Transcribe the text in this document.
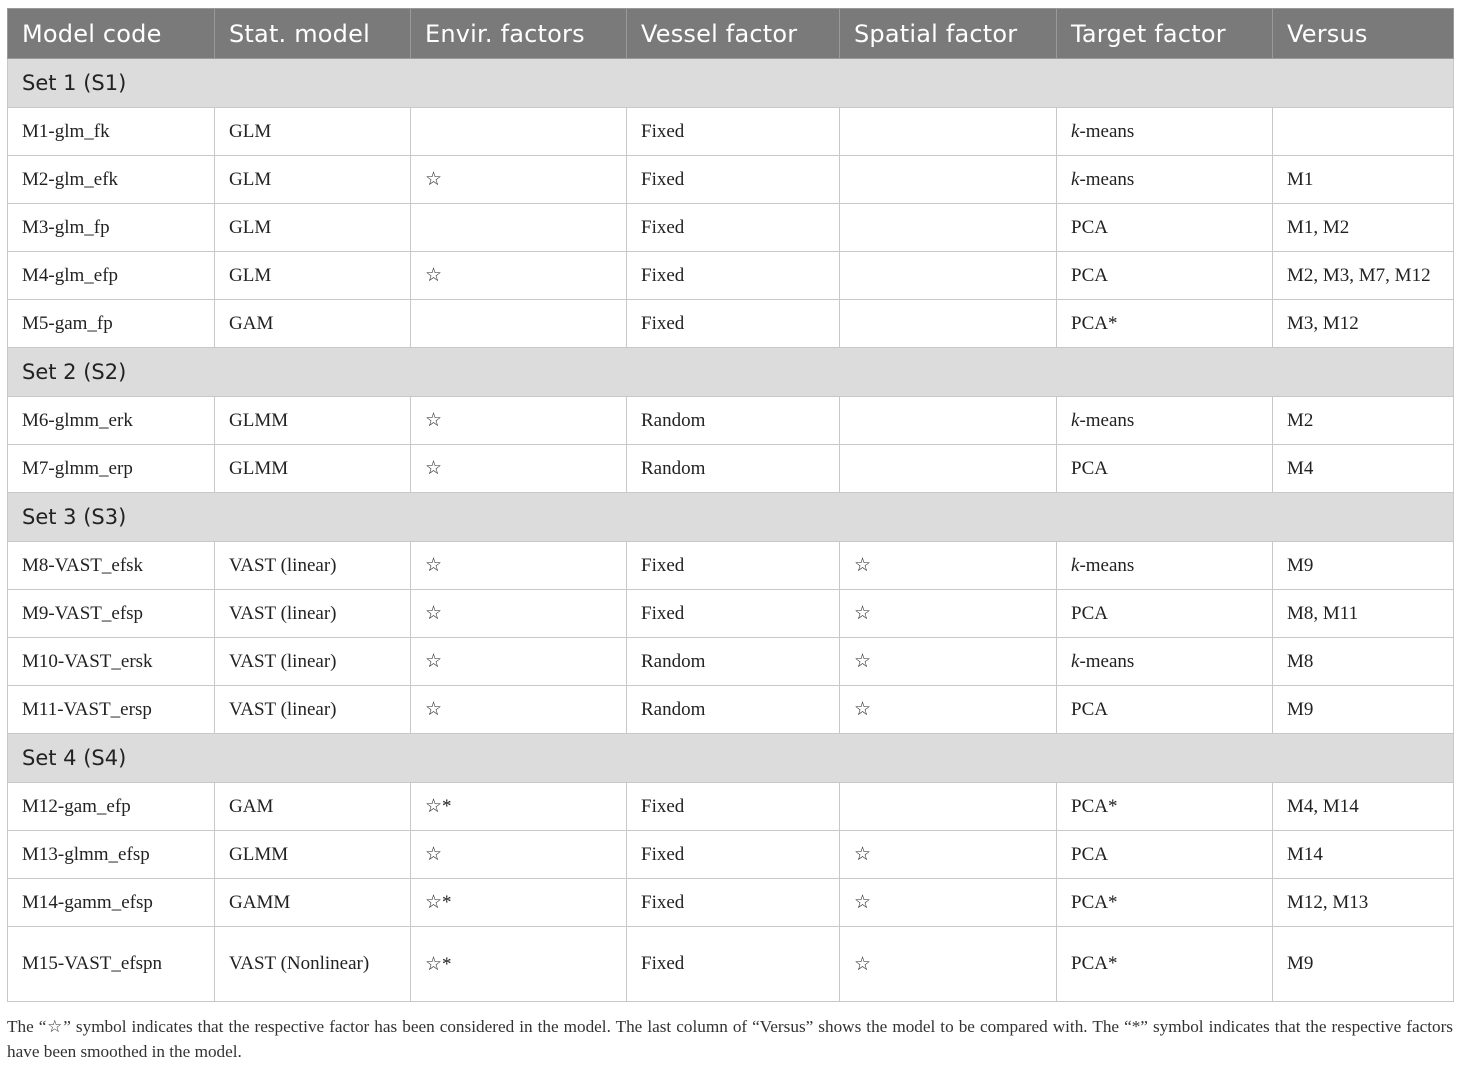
Model code	Stat. model	Envir. factors	Vessel factor	Spatial factor	Target factor	Versus
Set 1 (S1)						
M1-glm_fk	GLM		Fixed		k-means	
M2-glm_efk	GLM	☆	Fixed		k-means	M1
M3-glm_fp	GLM		Fixed		PCA	M1, M2
M4-glm_efp	GLM	☆	Fixed		PCA	M2, M3, M7, M12
M5-gam_fp	GAM		Fixed		PCA*	M3, M12
Set 2 (S2)						
M6-glmm_erk	GLMM	☆	Random		k-means	M2
M7-glmm_erp	GLMM	☆	Random		PCA	M4
Set 3 (S3)						
M8-VAST_efsk	VAST (linear)	☆	Fixed	☆	k-means	M9
M9-VAST_efsp	VAST (linear)	☆	Fixed	☆	PCA	M8, M11
M10-VAST_ersk	VAST (linear)	☆	Random	☆	k-means	M8
M11-VAST_ersp	VAST (linear)	☆	Random	☆	PCA	M9
Set 4 (S4)						
M12-gam_efp	GAM	☆*	Fixed		PCA*	M4, M14
M13-glmm_efsp	GLMM	☆	Fixed	☆	PCA	M14
M14-gamm_efsp	GAMM	☆*	Fixed	☆	PCA*	M12, M13
M15-VAST_efspn	VAST (Nonlinear)	☆*	Fixed	☆	PCA*	M9
The “☆” symbol indicates that the respective factor has been considered in the model. The last column of “Versus” shows the model to be compared with. The “*” symbol indicates that the respective factors have been smoothed in the model.
